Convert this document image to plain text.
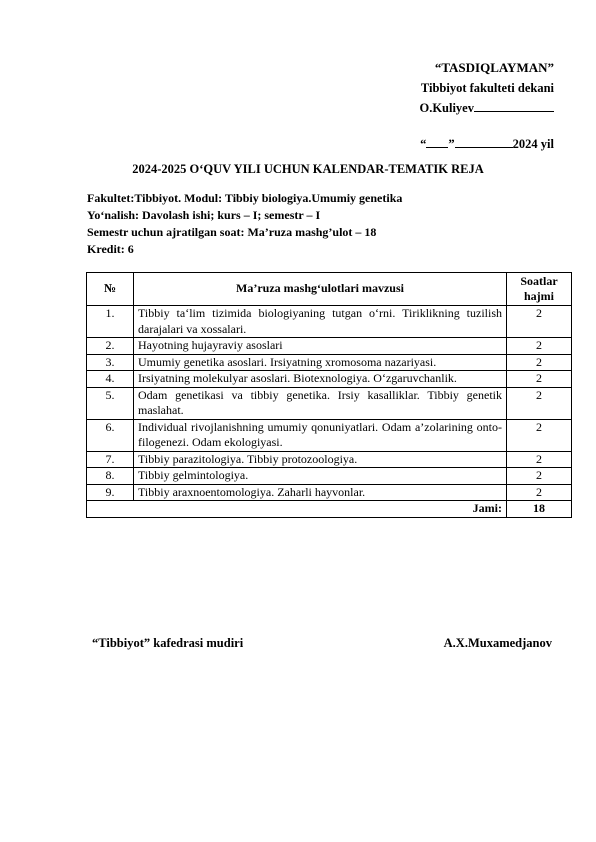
“TASDIQLAYMAN”
Tibbiyot fakulteti dekani
O.Kuliyev
“ ”	2024 yil
2024-2025 O‘QUV YILI UCHUN KALENDAR-TEMATIK REJA
Fakultet:Tibbiyot. Modul: Tibbiy biologiya.Umumiy genetika
Yo‘nalish: Davolash ishi; kurs – I; semestr – I
Semestr uchun ajratilgan soat: Ma’ruza mashg’ulot – 18
Kredit: 6
№	Ma’ruza mashg‘ulotlari mavzusi	Soatlar hajmi
1.	Tibbiy ta‘lim tizimida biologiyaning tutgan o‘rni. Tiriklikning tuzilish darajalari va xossalari.	2
2.	Hayotning hujayraviy asoslari	2
3.	Umumiy genetika asoslari. Irsiyatning xromosoma nazariyasi.	2
4.	Irsiyatning molekulyar asoslari. Biotexnologiya. O‘zgaruvchanlik.	2
5.	Odam genetikasi va tibbiy genetika. Irsiy kasalliklar. Tibbiy genetik maslahat.	2
6.	Individual rivojlanishning umumiy qonuniyatlari. Odam a’zolarining onto-filogenezi. Odam ekologiyasi.	2
7.	Tibbiy parazitologiya. Tibbiy protozoologiya.	2
8.	Tibbiy gelmintologiya.	2
9.	Tibbiy araxnoentomologiya. Zaharli hayvonlar.	2
Jami:		18
“Tibbiyot” kafedrasi mudiri	A.X.Muxamedjanov
